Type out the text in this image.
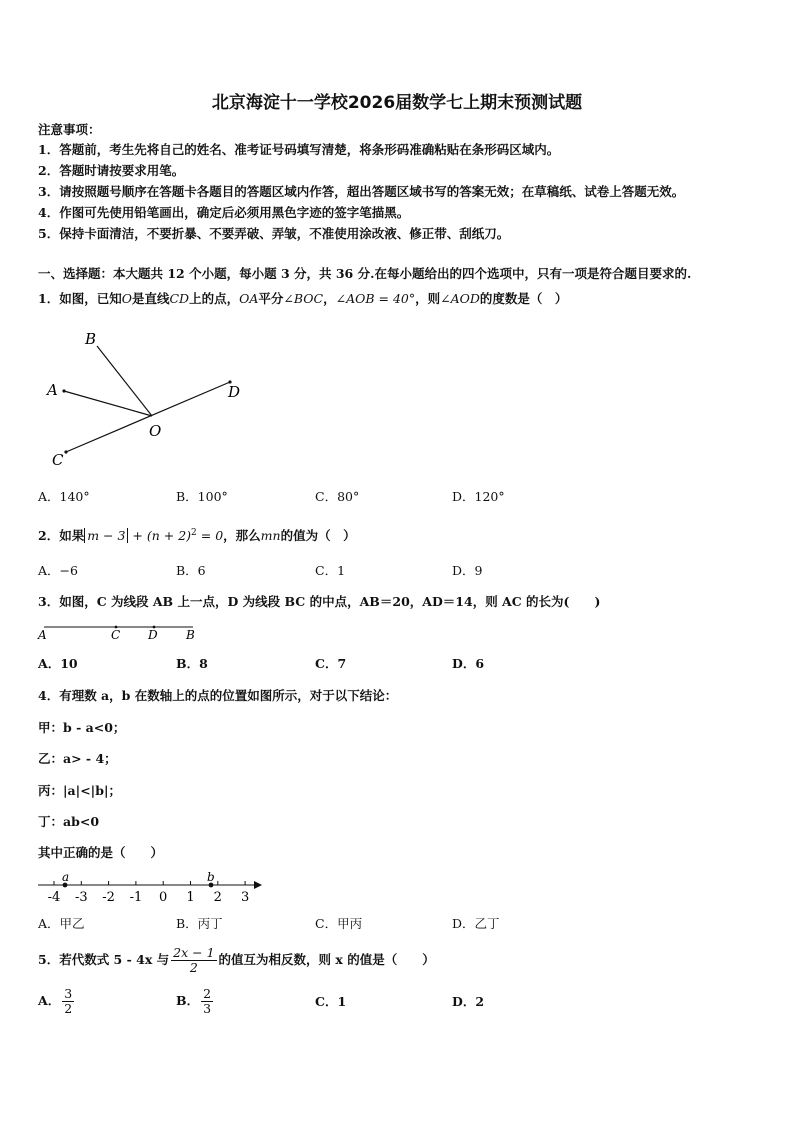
北京海淀十一学校2026届数学七上期末预测试题
注意事项：
1．答题前，考生先将自己的姓名、准考证号码填写清楚，将条形码准确粘贴在条形码区域内。
2．答题时请按要求用笔。
3．请按照题号顺序在答题卡各题目的答题区域内作答，超出答题区域书写的答案无效；在草稿纸、试卷上答题无效。
4．作图可先使用铅笔画出，确定后必须用黑色字迹的签字笔描黑。
5．保持卡面清洁，不要折暴、不要弄破、弄皱，不准使用涂改液、修正带、刮纸刀。
一、选择题：本大题共 12 个小题，每小题 3 分，共 36 分.在每小题给出的四个选项中，只有一项是符合题目要求的.
1．如图，已知O是直线CD上的点，OA平分∠BOC，∠AOB = 40°，则∠AOD的度数是（　）
B
A	D
O
C
A	C D B
-4 -3 -2 -1 0 1 2 3
a	b
A．140°	B．100°	C．80°	D．120°
2．如果 $m - 3 + (n + 2)^2 = 0$，那么mn的值为（　）
A．−6	B．6	C．1	D．9
3．如图，C 为线段 AB 上一点，D 为线段 BC 的中点，AB＝20，AD＝14，则 AC 的长为(　　)
A．10	B．8	C．7	D．6
4．有理数 a，b 在数轴上的点的位置如图所示，对于以下结论：
甲：b - a<0；
乙：a> - 4；
丙：|a|<|b|；
丁：ab<0
其中正确的是（　　）
A．甲乙	B．丙丁	C．甲丙	D．乙丁
5．若代数式 5 - 4x 与 $\frac{2x - 1}{2}$ 的值互为相反数，则 x 的值是（　　）
A． $\frac{3}{2}$	B． $\frac{2}{3}$	C．1	D．2
